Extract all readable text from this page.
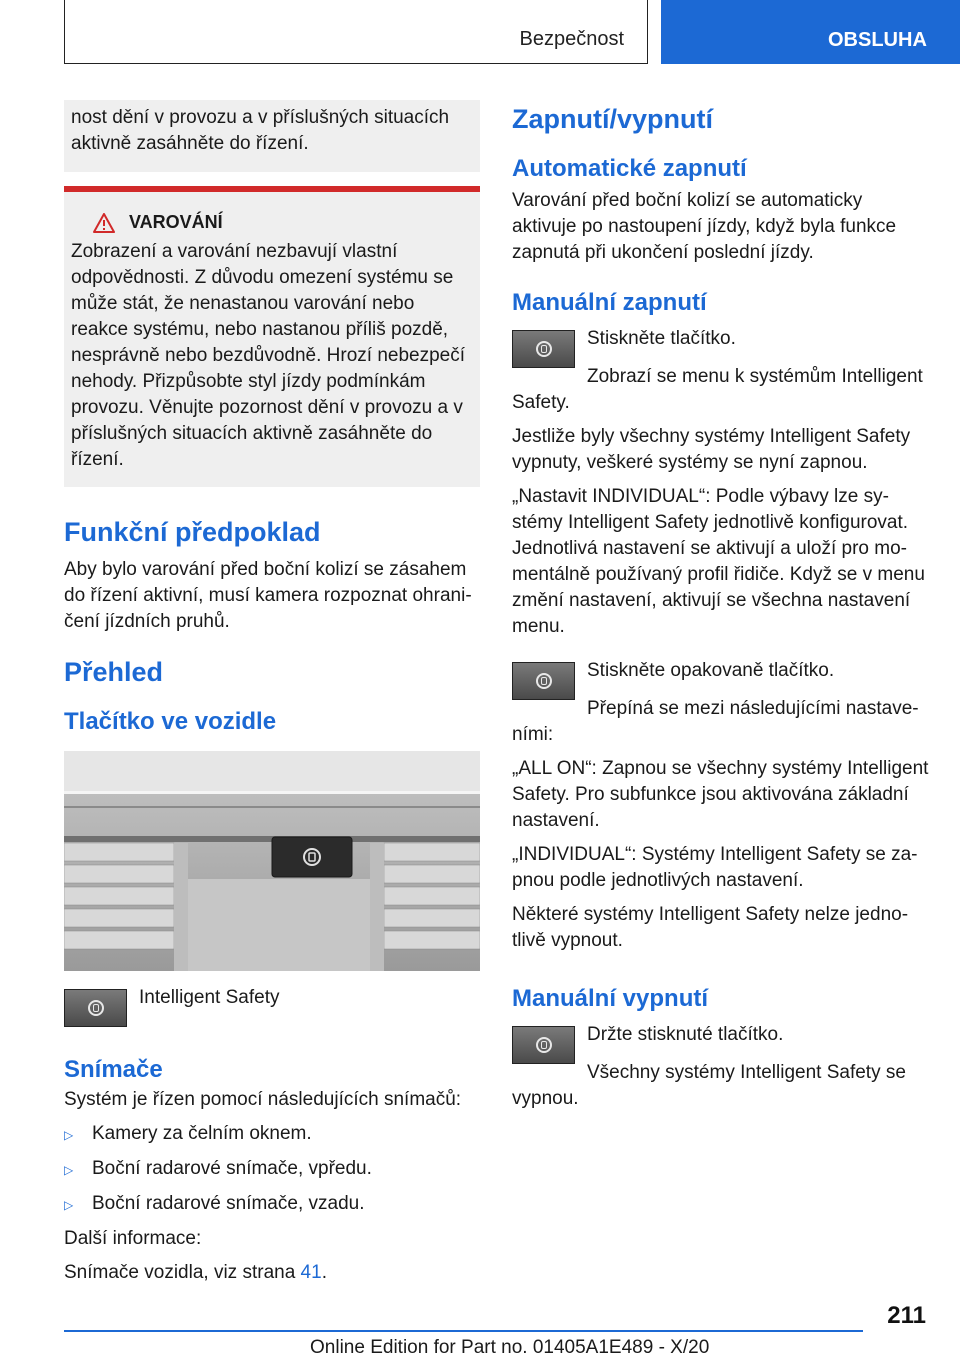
Bezpečnost	OBSLUHA

nost dění v provozu a v příslušných situacích aktivně zasáhněte do řízení.

VAROVÁNÍ

Zobrazení a varování nezbavují vlastní odpovědnosti. Z důvodu omezení systému se může stát, že nenastanou varování nebo reakce systému, nebo nastanou příliš pozdě, nesprávně nebo bezdůvodně. Hrozí nebezpečí nehody. Přizpůsobte styl jízdy podmínkám provozu. Věnujte pozornost dění v provozu a v příslušných situacích aktivně zasáhněte do řízení.

Funkční předpoklad

Aby bylo varování před boční kolizí se zásahem do řízení aktivní, musí kamera rozpoznat ohraničení jízdních pruhů.

Přehled
Tlačítko ve vozidle

Intelligent Safety

Snímače

Systém je řízen pomocí následujících snímačů:

▷ Kamery za čelním oknem.
▷ Boční radarové snímače, vpředu.
▷ Boční radarové snímače, vzadu.

Další informace:

Snímače vozidla, viz strana 41.

Zapnutí/vypnutí
Automatické zapnutí

Varování před boční kolizí se automaticky aktivuje po nastoupení jízdy, když byla funkce zapnutá při ukončení poslední jízdy.

Manuální zapnutí

Stiskněte tlačítko.

Zobrazí se menu k systémům Intelligent Safety.

Jestliže byly všechny systémy Intelligent Safety vypnuty, veškeré systémy se nyní zapnou.

„Nastavit INDIVIDUAL“: Podle výbavy lze systémy Intelligent Safety jednotlivě konfigurovat. Jednotlivá nastavení se aktivují a uloží pro momentálně používaný profil řidiče. Když se v menu změní nastavení, aktivují se všechna nastavení menu.

Stiskněte opakovaně tlačítko.

Přepíná se mezi následujícími nastaveními:

„ALL ON“: Zapnou se všechny systémy Intelligent Safety. Pro subfunkce jsou aktivována základní nastavení.

„INDIVIDUAL“: Systémy Intelligent Safety se zapnou podle jednotlivých nastavení.

Některé systémy Intelligent Safety nelze jednotlivě vypnout.

Manuální vypnutí

Držte stisknuté tlačítko.

Všechny systémy Intelligent Safety se vypnou.

211
Online Edition for Part no. 01405A1E489 - X/20
